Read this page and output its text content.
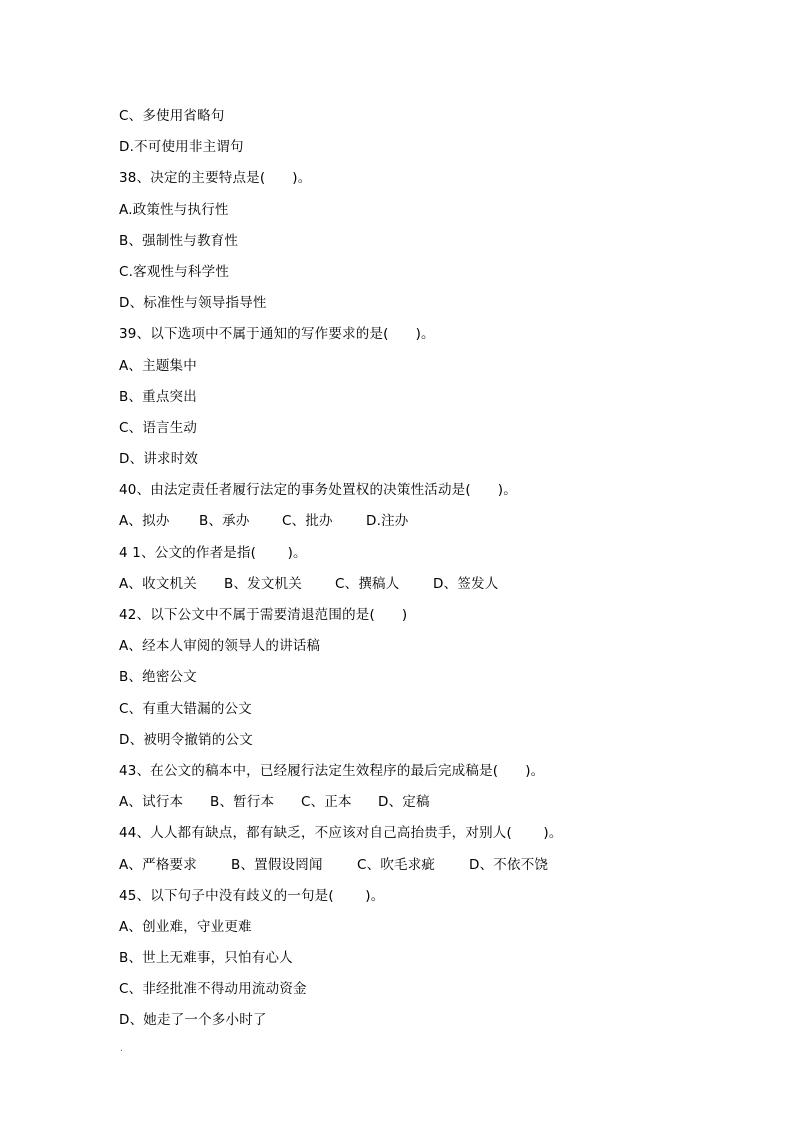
C、多使用省略句
D.不可使用非主谓句
38、决定的主要特点是(      )。
A.政策性与执行性
B、强制性与教育性
C.客观性与科学性
D、标准性与领导指导性
39、以下选项中不属于通知的写作要求的是(      )。
A、主题集中
B、重点突出
C、语言生动
D、讲求时效
40、由法定责任者履行法定的事务处置权的决策性活动是(      )。
A、拟办	B、承办	C、批办	D.注办
4 1、公文的作者是指(       )。
A、收文机关	B、发文机关	C、撰稿人	D、签发人
42、以下公文中不属于需要清退范围的是(      )
A、经本人审阅的领导人的讲话稿
B、绝密公文
C、有重大错漏的公文
D、被明令撤销的公文
43、在公文的稿本中，已经履行法定生效程序的最后完成稿是(      )。
A、试行本	B、暂行本	C、正本	D、定稿
44、人人都有缺点，都有缺乏，不应该对自己高抬贵手，对别人(       )。
A、严格要求	B、置假设罔闻	C、吹毛求疵	D、不依不饶
45、以下句子中没有歧义的一句是(       )。
A、创业难，守业更难
B、世上无难事，只怕有心人
C、非经批准不得动用流动资金
D、她走了一个多小时了
.
